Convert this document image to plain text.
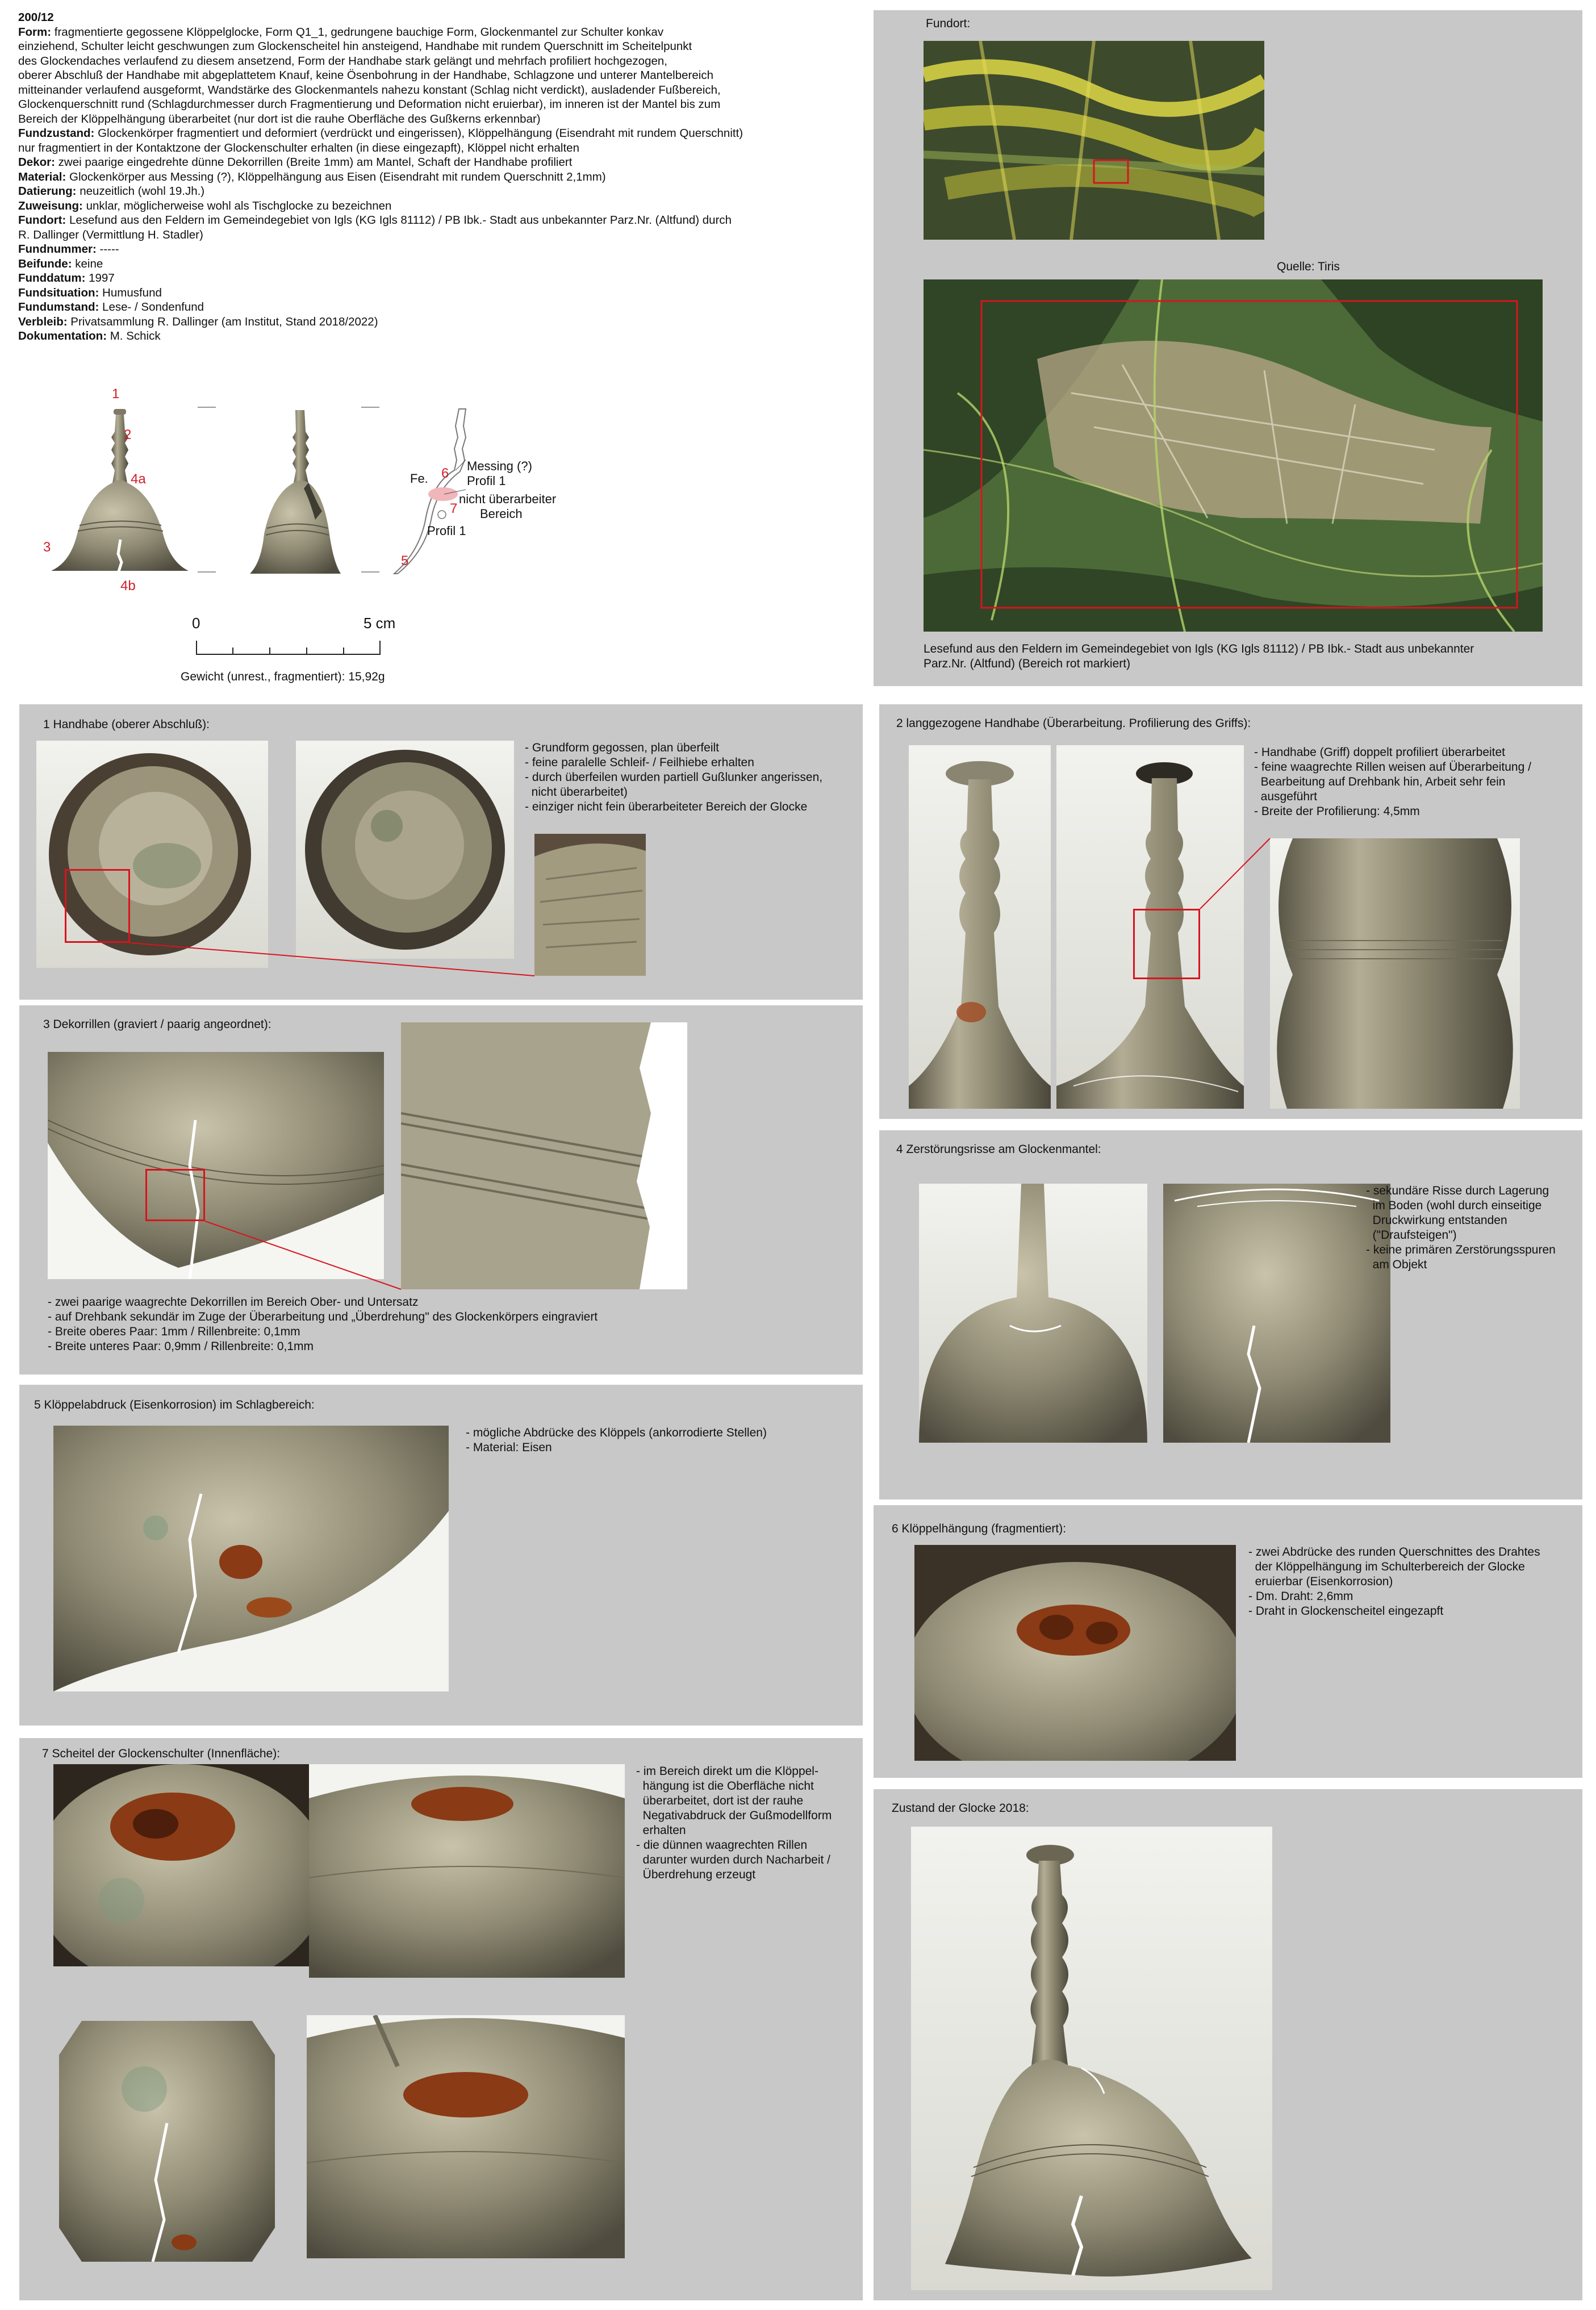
200/12
Form: fragmentierte gegossene Klöppelglocke, Form Q1_1, gedrungene bauchige Form, Glockenmantel zur Schulter konkav
einziehend, Schulter leicht geschwungen zum Glockenscheitel hin ansteigend, Handhabe mit rundem Querschnitt im Scheitelpunkt
des Glockendaches verlaufend zu diesem ansetzend, Form der Handhabe stark gelängt und mehrfach profiliert hochgezogen,
oberer Abschluß der Handhabe mit abgeplattetem Knauf, keine Ösenbohrung in der Handhabe, Schlagzone und unterer Mantelbereich
mitteinander verlaufend ausgeformt, Wandstärke des Glockenmantels nahezu konstant (Schlag nicht verdickt), ausladender Fußbereich,
Glockenquerschnitt rund (Schlagdurchmesser durch Fragmentierung und Deformation nicht eruierbar), im inneren ist der Mantel bis zum
Bereich der Klöppelhängung überarbeitet (nur dort ist die rauhe Oberfläche des Gußkerns erkennbar)
Fundzustand: Glockenkörper fragmentiert und deformiert (verdrückt und eingerissen), Klöppelhängung (Eisendraht mit rundem Querschnitt)
nur fragmentiert in der Kontaktzone der Glockenschulter erhalten (in diese eingezapft), Klöppel nicht erhalten
Dekor: zwei paarige eingedrehte dünne Dekorrillen (Breite 1mm) am Mantel, Schaft der Handhabe profiliert
Material: Glockenkörper aus Messing (?), Klöppelhängung aus Eisen (Eisendraht mit rundem Querschnitt 2,1mm)
Datierung: neuzeitlich (wohl 19.Jh.)
Zuweisung: unklar, möglicherweise wohl als Tischglocke zu bezeichnen
Fundort: Lesefund aus den Feldern im Gemeindegebiet von Igls (KG Igls 81112) / PB Ibk.- Stadt aus unbekannter Parz.Nr. (Altfund) durch
R. Dallinger (Vermittlung H. Stadler)
Fundnummer: -----
Beifunde: keine
Funddatum: 1997
Fundsituation: Humusfund
Fundumstand: Lese- / Sondenfund
Verbleib: Privatsammlung R. Dallinger (am Institut, Stand 2018/2022)
Dokumentation: M. Schick
1
2
4a
3
4b
Fe.
Messing (?)
Profil 1
6
nicht überarbeiter
Bereich
7
Profil 1
5
0	5 cm
Gewicht (unrest., fragmentiert): 15,92g
Fundort:
Quelle: Tiris
Lesefund aus den Feldern im Gemeindegebiet von Igls (KG Igls 81112) / PB Ibk.- Stadt aus unbekannter
Parz.Nr. (Altfund) (Bereich rot markiert)
1 Handhabe (oberer Abschluß):
- Grundform gegossen, plan überfeilt
- feine paralelle Schleif- / Feilhiebe erhalten
- durch überfeilen wurden partiell Gußlunker angerissen,
nicht überarbeitet)
- einziger nicht fein überarbeiteter Bereich der Glocke
2 langgezogene Handhabe (Überarbeitung. Profilierung des Griffs):
- Handhabe (Griff) doppelt profiliert überarbeitet
- feine waagrechte Rillen weisen auf Überarbeitung /
Bearbeitung auf Drehbank hin, Arbeit sehr fein
ausgeführt
- Breite der Profilierung: 4,5mm
3 Dekorrillen (graviert / paarig angeordnet):
- zwei paarige waagrechte Dekorrillen im Bereich Ober- und Untersatz
- auf Drehbank sekundär im Zuge der Überarbeitung und „Überdrehung" des Glockenkörpers eingraviert
- Breite oberes Paar: 1mm / Rillenbreite: 0,1mm
- Breite unteres Paar: 0,9mm / Rillenbreite: 0,1mm
4 Zerstörungsrisse am Glockenmantel:
- sekundäre Risse durch Lagerung
im Boden (wohl durch einseitige
Druckwirkung entstanden
("Draufsteigen")
- keine primären Zerstörungsspuren
am Objekt
5 Klöppelabdruck (Eisenkorrosion) im Schlagbereich:
- mögliche Abdrücke des Klöppels (ankorrodierte Stellen)
- Material: Eisen
6 Klöppelhängung (fragmentiert):
- zwei Abdrücke des runden Querschnittes des Drahtes
der Klöppelhängung im Schulterbereich der Glocke
eruierbar (Eisenkorrosion)
- Dm. Draht: 2,6mm
- Draht in Glockenscheitel eingezapft
7 Scheitel der Glockenschulter (Innenfläche):
- im Bereich direkt um die Klöppel-
hängung ist die Oberfläche nicht
überarbeitet, dort ist der rauhe
Negativabdruck der Gußmodellform
erhalten
- die dünnen waagrechten Rillen
darunter wurden durch Nacharbeit /
Überdrehung erzeugt
Zustand der Glocke 2018:
